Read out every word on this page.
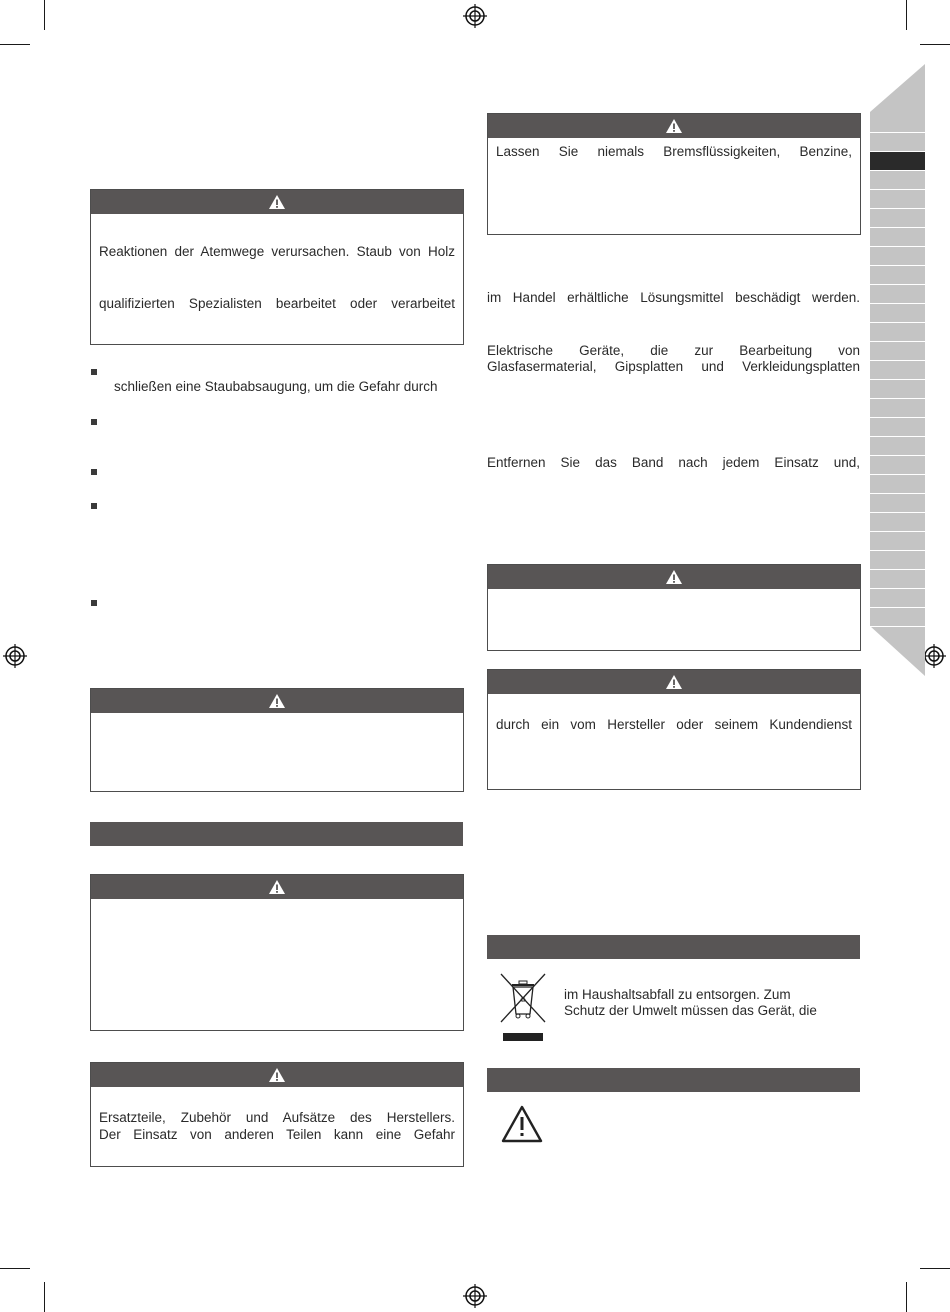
Reaktionen der Atemwege verursachen. Staub von Holz

qualifizierten Spezialisten bearbeitet oder verarbeitet

schließen eine Staubabsaugung, um die Gefahr durch

Ersatzteile, Zubehör und Aufsätze des Herstellers.

Der Einsatz von anderen Teilen kann eine Gefahr

Lassen Sie niemals Bremsflüssigkeiten, Benzine,

im Handel erhältliche Lösungsmittel beschädigt werden.

Elektrische Geräte, die zur Bearbeitung von

Glasfasermaterial, Gipsplatten und Verkleidungsplatten

Entfernen Sie das Band nach jedem Einsatz und,

durch ein vom Hersteller oder seinem Kundendienst

♻	im Haushaltsabfall zu entsorgen. Zum

Schutz der Umwelt müssen das Gerät, die
